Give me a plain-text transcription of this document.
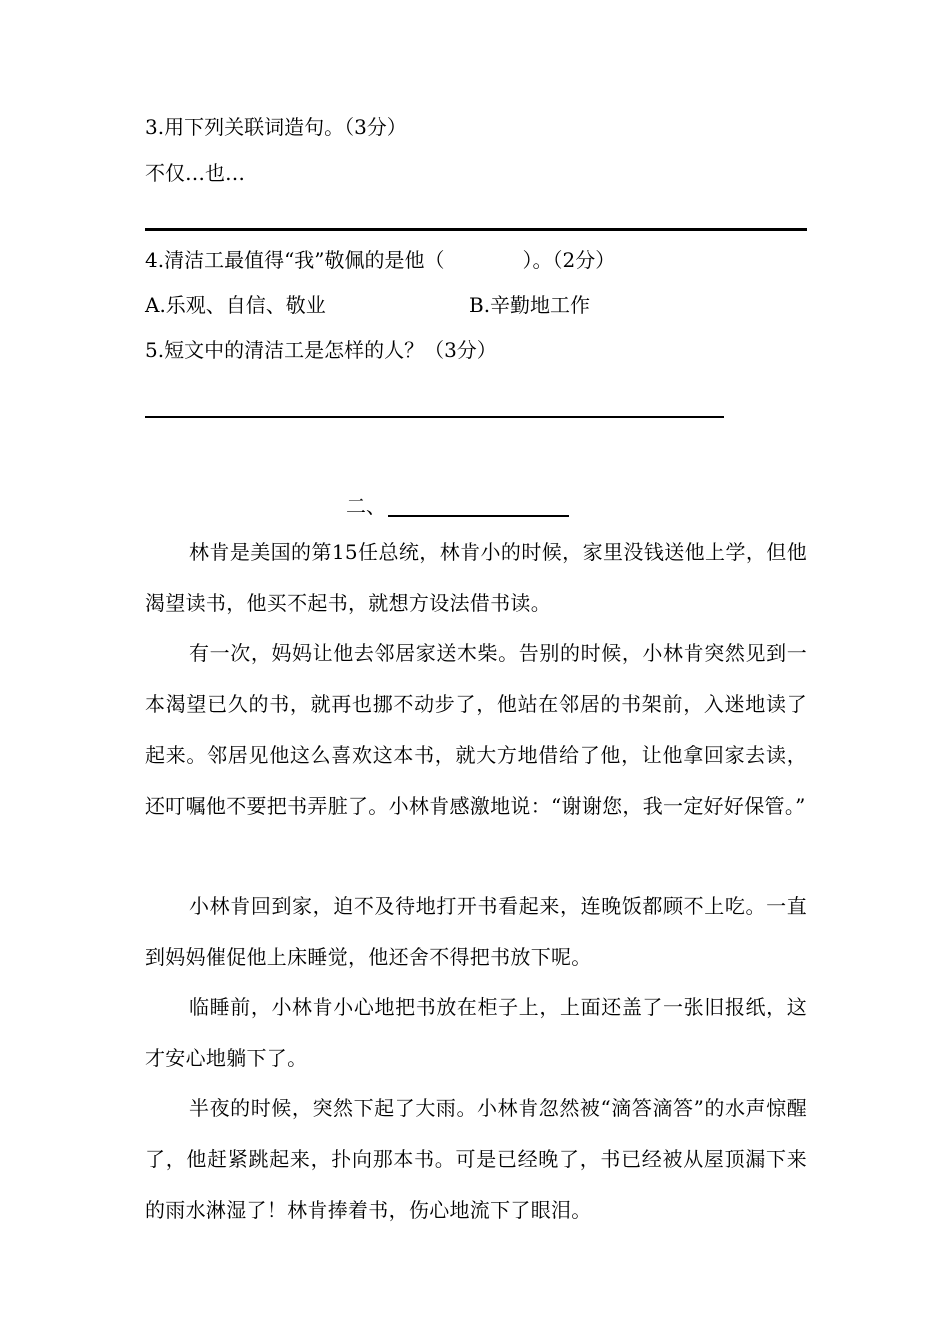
3.用下列关联词造句。（3分）
不仅…也…
4.清洁工最值得“我”敬佩的是他（	）。（2分）
A.乐观、自信、敬业	B.辛勤地工作
5.短文中的清洁工是怎样的人？（3分）
二、
林肯是美国的第15任总统，林肯小的时候，家里没钱送他上学，但他渴望读书，他买不起书，就想方设法借书读。
有一次，妈妈让他去邻居家送木柴。告别的时候，小林肯突然见到一本渴望已久的书，就再也挪不动步了，他站在邻居的书架前，入迷地读了起来。邻居见他这么喜欢这本书，就大方地借给了他，让他拿回家去读，还叮嘱他不要把书弄脏了。小林肯感激地说：“谢谢您，我一定好好保管。”
小林肯回到家，迫不及待地打开书看起来，连晚饭都顾不上吃。一直到妈妈催促他上床睡觉，他还舍不得把书放下呢。
临睡前，小林肯小心地把书放在柜子上，上面还盖了一张旧报纸，这才安心地躺下了。
半夜的时候，突然下起了大雨。小林肯忽然被“滴答滴答”的水声惊醒了，他赶紧跳起来，扑向那本书。可是已经晚了，书已经被从屋顶漏下来的雨水淋湿了！林肯捧着书，伤心地流下了眼泪。
